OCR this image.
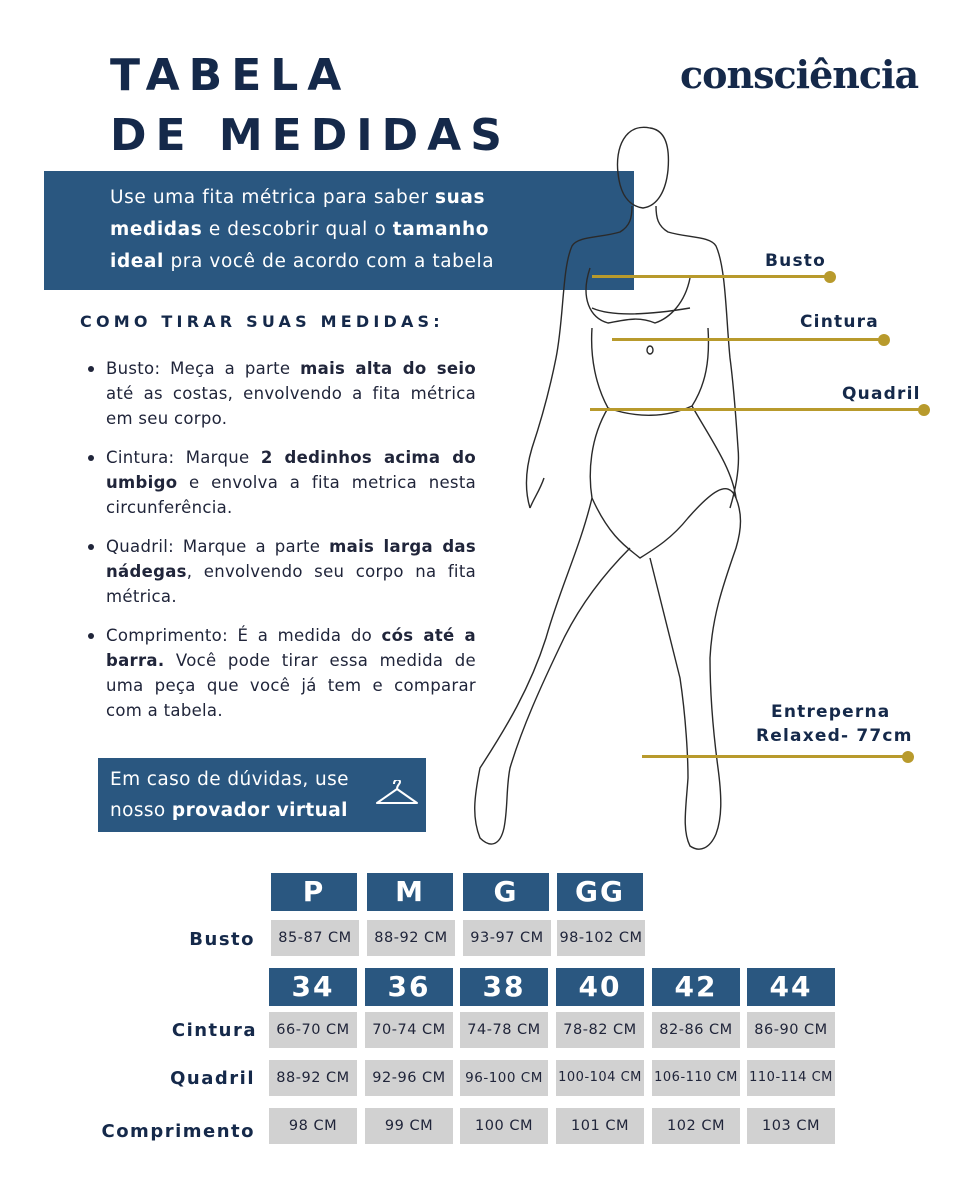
TABELA
DE MEDIDAS
consciência
Use uma fita métrica para saber suas medidas e descobrir qual o tamanho ideal pra você de acordo com a tabela
COMO TIRAR SUAS MEDIDAS:
Busto: Meça a parte mais alta do seio até as costas, envolvendo a fita métrica em seu corpo.
Cintura: Marque 2 dedinhos acima do umbigo e envolva a fita metrica nesta circunferência.
Quadril: Marque a parte mais larga das nádegas, envolvendo seu corpo na fita métrica.
Comprimento: É a medida do cós até a barra. Você pode tirar essa medida de uma peça que você já tem e comparar com a tabela.
Em caso de dúvidas, use
nosso provador virtual
Busto
Cintura
Quadril
Entreperna
Relaxed- 77cm
P	M	G	GG
Busto	85-87 CM	88-92 CM	93-97 CM	98-102 CM
34	36	38	40	42	44
Cintura	66-70 CM	70-74 CM	74-78 CM	78-82 CM	82-86 CM	86-90 CM
Quadril	88-92 CM	92-96 CM	96-100 CM	100-104 CM 106-110 CM 110-114 CM
Comprimento	98 CM	99 CM	100 CM	101 CM	102 CM	103 CM
